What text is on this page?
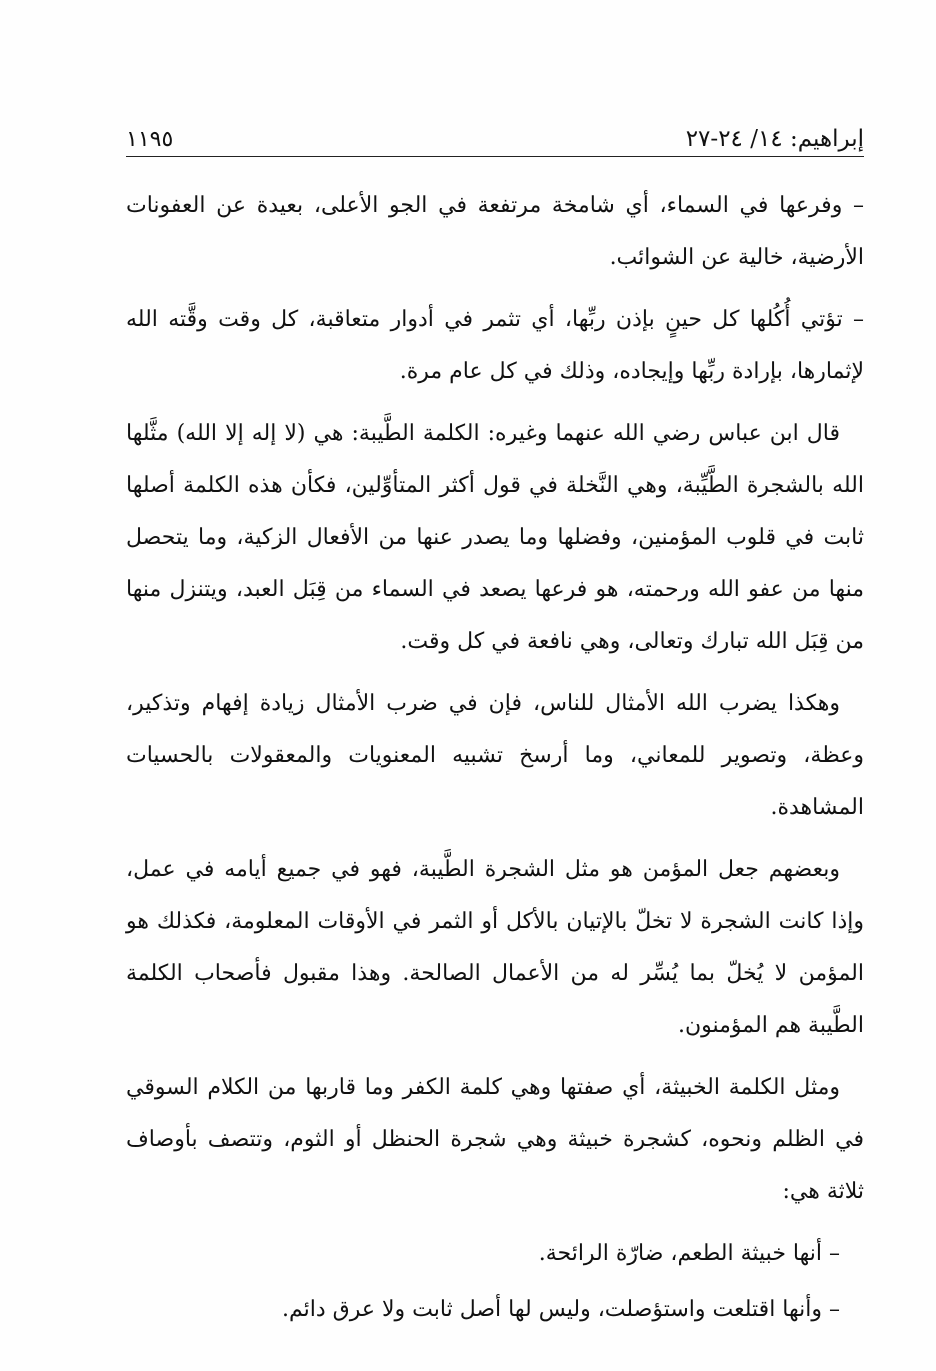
إبراهيم: ١٤/ ٢٤-٢٧
١١٩٥

– وفرعها في السماء، أي شامخة مرتفعة في الجو الأعلى، بعيدة عن العفونات الأرضية، خالية عن الشوائب.

– تؤتي أُكُلها كل حينٍ بإذن ربِّها، أي تثمر في أدوار متعاقبة، كل وقت وقَّته الله لإثمارها، بإرادة ربِّها وإيجاده، وذلك في كل عام مرة.

قال ابن عباس رضي الله عنهما وغيره: الكلمة الطَّيبة: هي (لا إله إلا الله) مثَّلها الله بالشجرة الطَّيِّبة، وهي النَّخلة في قول أكثر المتأوِّلين، فكأن هذه الكلمة أصلها ثابت في قلوب المؤمنين، وفضلها وما يصدر عنها من الأفعال الزكية، وما يتحصل منها من عفو الله ورحمته، هو فرعها يصعد في السماء من قِبَل العبد، ويتنزل منها من قِبَل الله تبارك وتعالى، وهي نافعة في كل وقت.

وهكذا يضرب الله الأمثال للناس، فإن في ضرب الأمثال زيادة إفهام وتذكير، وعظة، وتصوير للمعاني، وما أرسخ تشبيه المعنويات والمعقولات بالحسيات المشاهدة.

وبعضهم جعل المؤمن هو مثل الشجرة الطَّيبة، فهو في جميع أيامه في عمل، وإذا كانت الشجرة لا تخلّ بالإتيان بالأكل أو الثمر في الأوقات المعلومة، فكذلك هو المؤمن لا يُخلّ بما يُسِّر له من الأعمال الصالحة. وهذا مقبول فأصحاب الكلمة الطَّيبة هم المؤمنون.

ومثل الكلمة الخبيثة، أي صفتها وهي كلمة الكفر وما قاربها من الكلام السوقي في الظلم ونحوه، كشجرة خبيثة وهي شجرة الحنظل أو الثوم، وتتصف بأوصاف ثلاثة هي:

– أنها خبيثة الطعم، ضارّة الرائحة.

– وأنها اقتلعت واستؤصلت، وليس لها أصل ثابت ولا عرق دائم.
